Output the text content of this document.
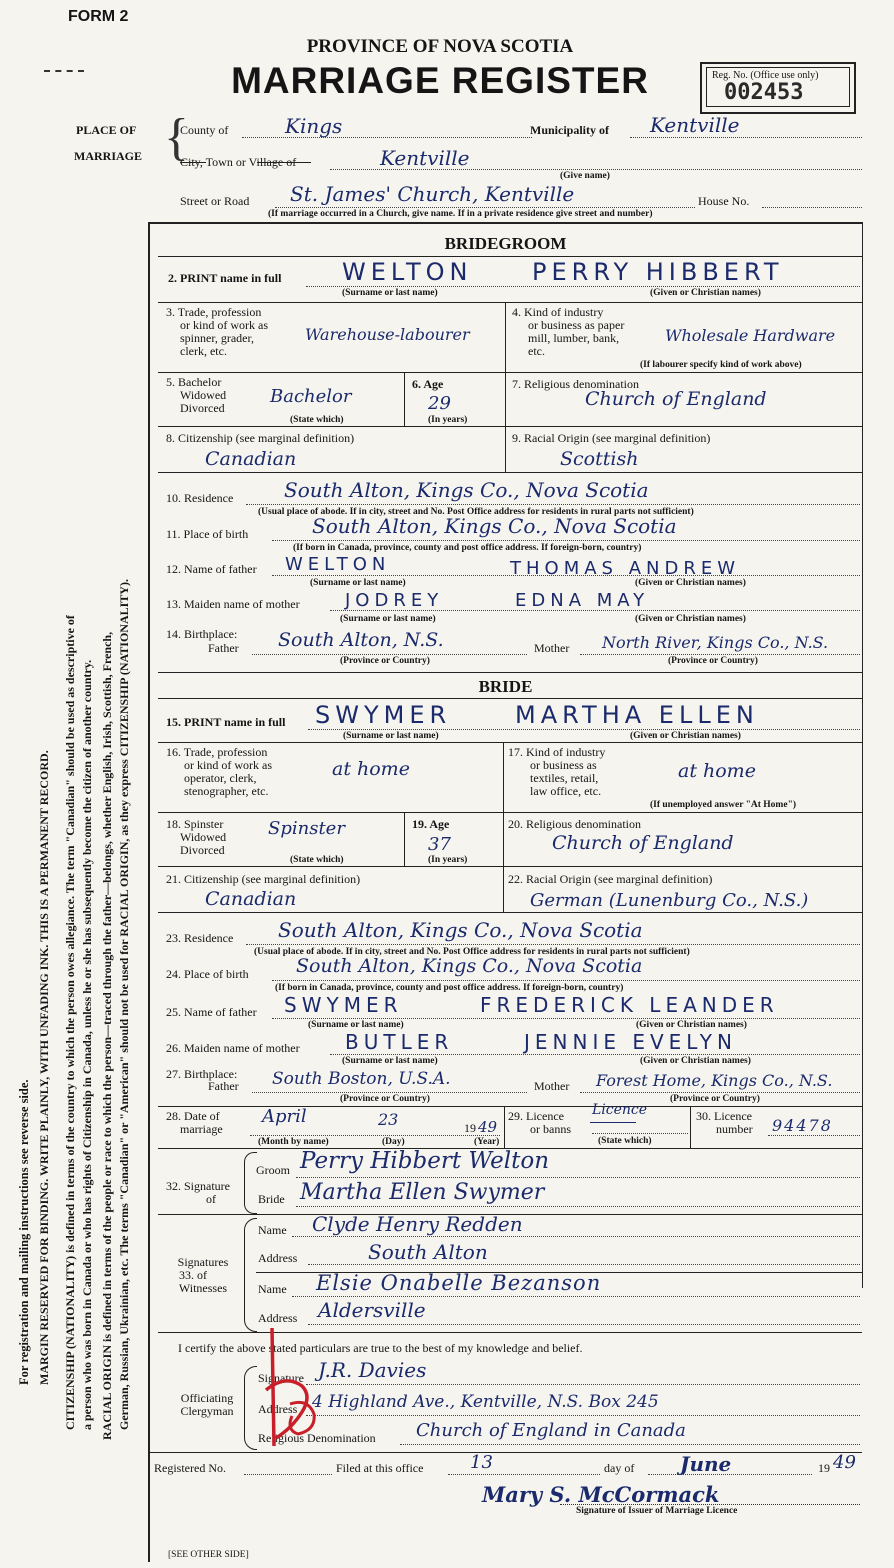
For registration and mailing instructions see reverse side. MARGIN RESERVED FOR BINDING. WRITE PLAINLY, WITH UNFADING INK. THIS IS A PERMANENT RECORD. CITIZENSHIP (NATIONALITY) is defined in terms of the country to which the person owes allegiance. The term "Canadian" should be used as descriptive of a person who was born in Canada or who has rights of Citizenship in Canada, unless he or she has subsequently become the citizen of another country. RACIAL ORIGIN is defined in terms of the people or race to which the person—traced through the father—belongs, whether English, Irish, Scottish, French, German, Russian, Ukrainian, etc. The terms "Canadian" or "American" should not be used for RACIAL ORIGIN, as they express CITIZENSHIP (NATIONALITY).
FORM 2
PROVINCE OF NOVA SCOTIA
MARRIAGE REGISTER	Reg. No. (Office use only)
002453
PLACE OF
MARRIAGE {
County of	Kings	Municipality of Kentville
City, Town or Village of	Kentville
(Give name)
Street or Road St. James' Church, Kentville	House No.
(If marriage occurred in a Church, give name. If in a private residence give street and number)
BRIDEGROOM
2. PRINT name in full	WELTON PERRY HIBBERT
(Surname or last name)	(Given or Christian names)
3. Trade, profession
or kind of work as
spinner, grader,
clerk, etc.
Warehouse-labourer
4. Kind of industry
or business as paper
mill, lumber, bank,
etc.
Wholesale Hardware
(If labourer specify kind of work above)
5. Bachelor
Widowed
Divorced
Bachelor
(State which)
6. Age
29
(In years)
7. Religious denomination
Church of England
8. Citizenship (see marginal definition)
Canadian
9. Racial Origin (see marginal definition)
Scottish
10. Residence	South Alton, Kings Co., Nova Scotia
(Usual place of abode. If in city, street and No. Post Office address for residents in rural parts not sufficient)
11. Place of birth	South Alton, Kings Co., Nova Scotia
(If born in Canada, province, county and post office address. If foreign-born, country)
12. Name of father WELTON	THOMAS ANDREW
(Surname or last name)	(Given or Christian names)
13. Maiden name of mother	JODREY	EDNA MAY
(Surname or last name)	(Given or Christian names)
14. Birthplace:
Father South Alton, N.S.
(Province or Country)
Mother North River, Kings Co., N.S.
(Province or Country)
BRIDE
15. PRINT name in full SWYMER	MARTHA ELLEN
(Surname or last name)	(Given or Christian names)
16. Trade, profession
or kind of work as
operator, clerk,
stenographer, etc.
at home
17. Kind of industry
or business as
textiles, retail,
law office, etc.
at home
(If unemployed answer "At Home")
18. Spinster
Widowed
Divorced
Spinster
(State which)
19. Age
37
(In years)
20. Religious denomination
Church of England
21. Citizenship (see marginal definition)
Canadian
22. Racial Origin (see marginal definition)
German (Lunenburg Co., N.S.)
23. Residence South Alton, Kings Co., Nova Scotia
(Usual place of abode. If in city, street and No. Post Office address for residents in rural parts not sufficient)
24. Place of birth South Alton, Kings Co., Nova Scotia
(If born in Canada, province, county and post office address. If foreign-born, country)
25. Name of father SWYMER	FREDERICK LEANDER
(Surname or last name)	(Given or Christian names)
26. Maiden name of mother BUTLER	JENNIE EVELYN
(Surname or last name)	(Given or Christian names)
27. Birthplace:
Father South Boston, U.S.A.
(Province or Country)
Mother Forest Home, Kings Co., N.S.
(Province or Country)
28. Date of
marriage
April	23	19 49
(Month by name)	(Day)	(Year)
29. Licence
or banns
Licence
(State which)
30. Licence
number 94478
32. Signature
of
Groom Perry Hibbert Welton
Bride Martha Ellen Swymer
Signatures
33. of
Witnesses
Name Clyde Henry Redden
Address	South Alton
Name Elsie Onabelle Bezanson
Address Aldersville
I certify the above stated particulars are true to the best of my knowledge and belief.
Officiating
Clergyman
Signature J.R. Davies
Address 4 Highland Ave., Kentville, N.S. Box 245
Religious Denomination Church of England in Canada
Registered No.	Filed at this office	13	day of June	19 49
Mary S. McCormack
Signature of Issuer of Marriage Licence
[SEE OTHER SIDE]
